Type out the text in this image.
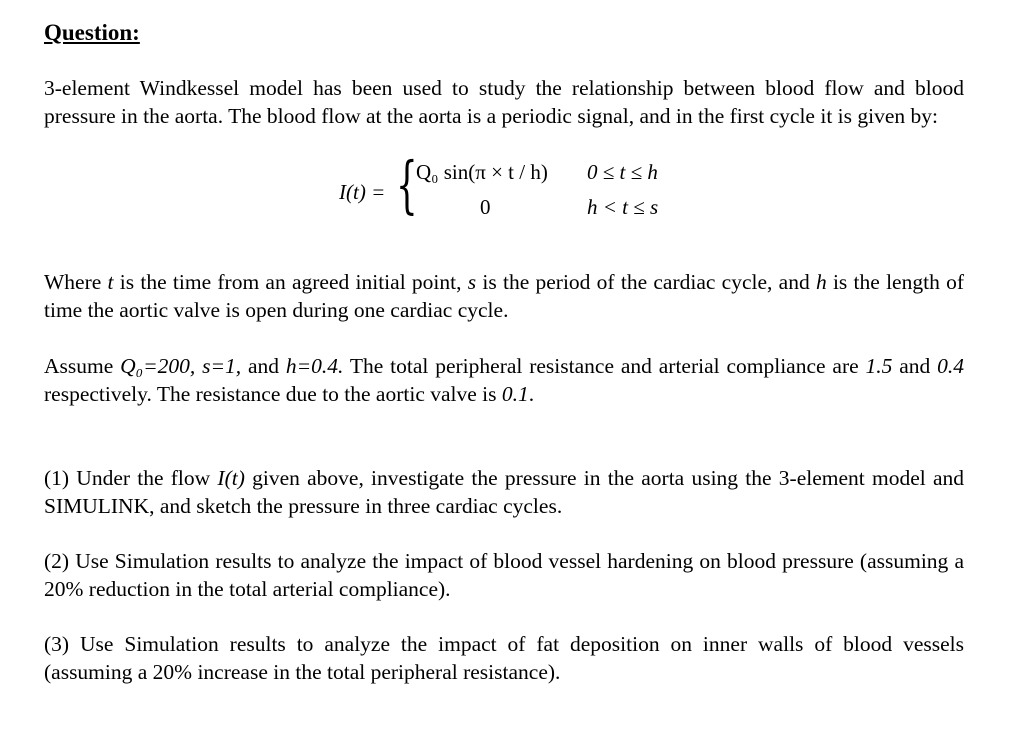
Question:

3-element Windkessel model has been used to study the relationship between blood flow and blood pressure in the aorta. The blood flow at the aorta is a periodic signal, and in the first cycle it is given by:

I(t) = {
Q₀ sin(π × t / h) 0 ≤ t ≤ h
0	h < t ≤ s

Where t is the time from an agreed initial point, s is the period of the cardiac cycle, and h is the length of time the aortic valve is open during one cardiac cycle.

Assume Q₀=200, s=1, and h=0.4. The total peripheral resistance and arterial compliance are 1.5 and 0.4 respectively. The resistance due to the aortic valve is 0.1.

(1) Under the flow I(t) given above, investigate the pressure in the aorta using the 3-element model and SIMULINK, and sketch the pressure in three cardiac cycles.

(2) Use Simulation results to analyze the impact of blood vessel hardening on blood pressure (assuming a 20% reduction in the total arterial compliance).

(3) Use Simulation results to analyze the impact of fat deposition on inner walls of blood vessels (assuming a 20% increase in the total peripheral resistance).
